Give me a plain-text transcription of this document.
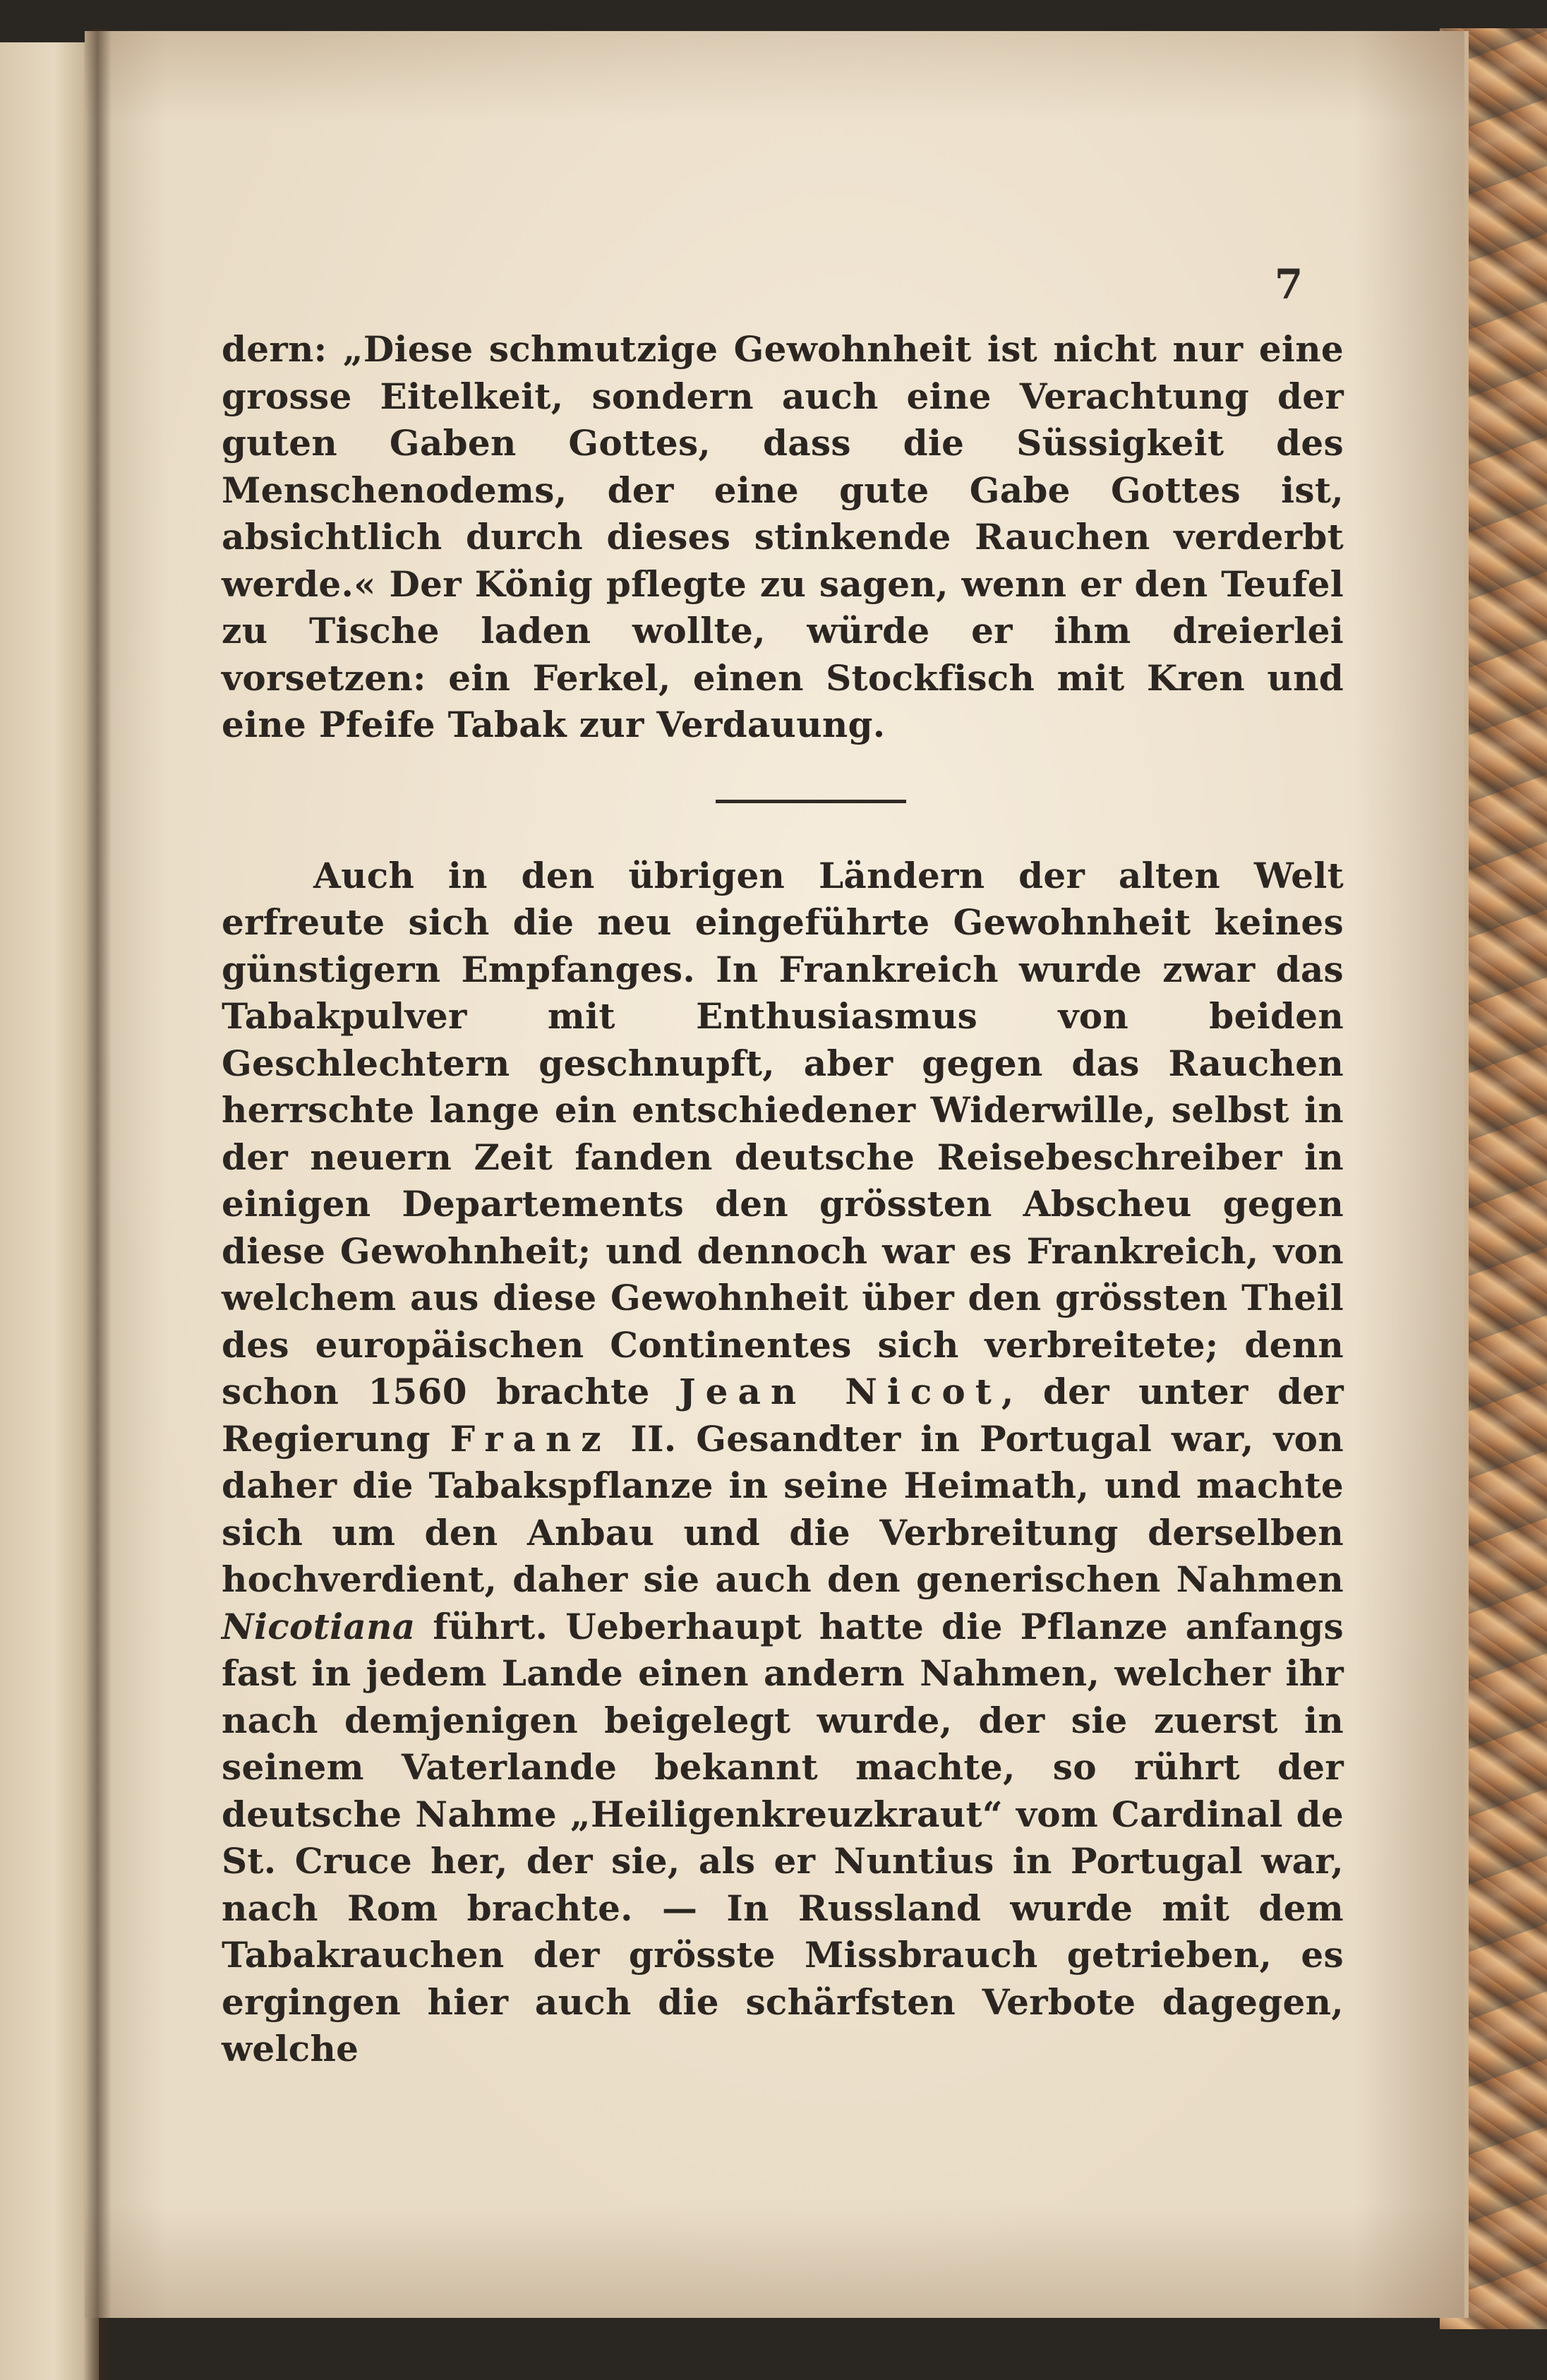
7

dern: „Diese schmutzige Gewohnheit ist nicht nur eine grosse Eitelkeit, sondern auch eine Verachtung der guten Gaben Gottes, dass die Süssigkeit des Menschenodems, der eine gute Gabe Gottes ist, absichtlich durch dieses stinkende Rauchen verderbt werde.« Der König pflegte zu sagen, wenn er den Teufel zu Tische laden wollte, würde er ihm dreierlei vorsetzen: ein Ferkel, einen Stockfisch mit Kren und eine Pfeife Tabak zur Verdauung.

Auch in den übrigen Ländern der alten Welt erfreute sich die neu eingeführte Gewohnheit keines günstigern Empfanges. In Frankreich wurde zwar das Tabakpulver mit Enthusiasmus von beiden Geschlechtern geschnupft, aber gegen das Rauchen herrschte lange ein entschiedener Widerwille, selbst in der neuern Zeit fanden deutsche Reisebeschreiber in einigen Departements den grössten Abscheu gegen diese Gewohnheit; und dennoch war es Frankreich, von welchem aus diese Gewohnheit über den grössten Theil des europäischen Continentes sich verbreitete; denn schon 1560 brachte Jean Nicot, der unter der Regierung Franz II. Gesandter in Portugal war, von daher die Tabakspflanze in seine Heimath, und machte sich um den Anbau und die Verbreitung derselben hochverdient, daher sie auch den generischen Nahmen Nicotiana führt. Ueberhaupt hatte die Pflanze anfangs fast in jedem Lande einen andern Nahmen, welcher ihr nach demjenigen beigelegt wurde, der sie zuerst in seinem Vaterlande bekannt machte, so rührt der deutsche Nahme „Heiligenkreuzkraut“ vom Cardinal de St. Cruce her, der sie, als er Nuntius in Portugal war, nach Rom brachte. — In Russland wurde mit dem Tabakrauchen der grösste Missbrauch getrieben, es ergingen hier auch die schärfsten Verbote dagegen, welche
